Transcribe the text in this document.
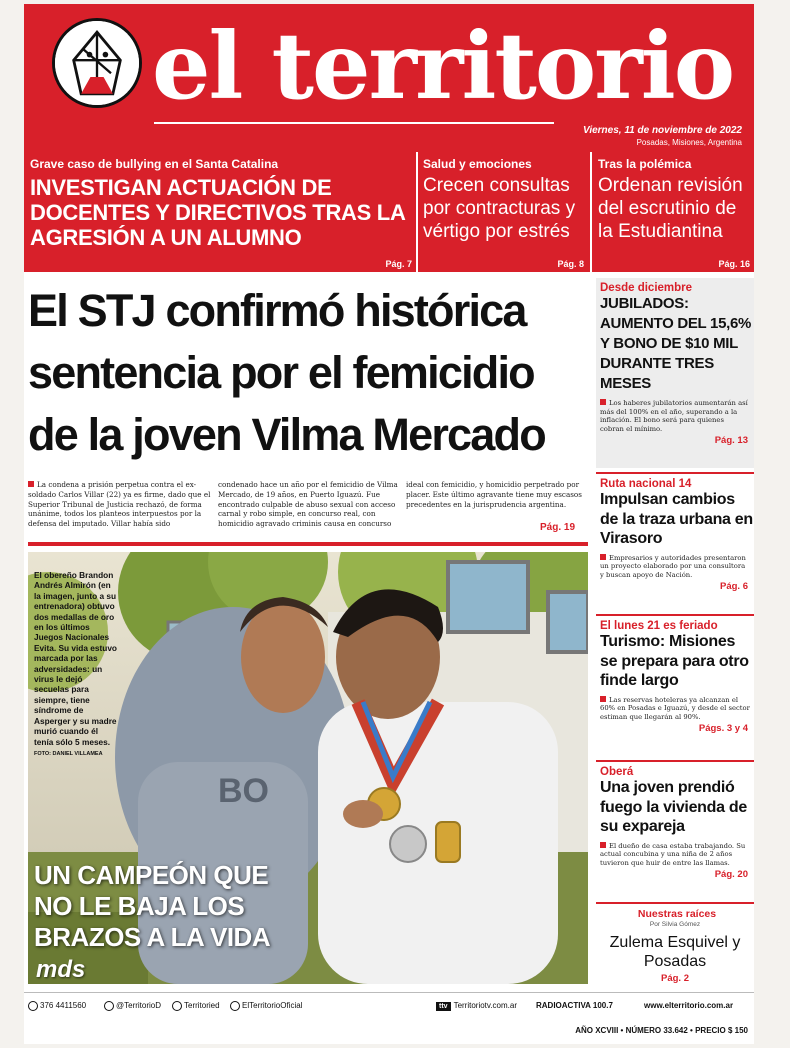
el territorio
Viernes, 11 de noviembre de 2022
Posadas, Misiones, Argentina
Grave caso de bullying en el Santa Catalina
INVESTIGAN ACTUACIÓN DE DOCENTES Y DIRECTIVOS TRAS LA AGRESIÓN A UN ALUMNO
Pág. 7
Salud y emociones
Crecen consultas por contracturas y vértigo por estrés
Pág. 8
Tras la polémica
Ordenan revisión del escrutinio de la Estudiantina
Pág. 16
El STJ confirmó histórica sentencia por el femicidio de la joven Vilma Mercado
La condena a prisión perpetua contra el ex-soldado Carlos Villar (22) ya es firme, dado que el Superior Tribunal de Justicia rechazó, de forma unánime, todos los planteos interpuestos por la defensa del imputado. Villar había sido
condenado hace un año por el femicidio de Vilma Mercado, de 19 años, en Puerto Iguazú. Fue encontrado culpable de abuso sexual con acceso carnal y robo simple, en concurso real, con homicidio agravado criminis causa en concurso
ideal con femicidio, y homicidio perpetrado por placer. Este último agravante tiene muy escasos precedentes en la jurisprudencia argentina.
Pág. 19
BO
El obereño Brandon Andrés Almirón (en la imagen, junto a su entrenadora) obtuvo dos medallas de oro en los últimos Juegos Nacionales Evita. Su vida estuvo marcada por las adversidades: un virus le dejó secuelas para siempre, tiene síndrome de Asperger y su madre murió cuando él tenía sólo 5 meses.
FOTO: DANIEL VILLAMEA
UN CAMPEÓN QUE
NO LE BAJA LOS
BRAZOS A LA VIDA
mds
Desde diciembre
JUBILADOS: AUMENTO DEL 15,6% Y BONO DE $10 MIL DURANTE TRES MESES
Los haberes jubilatorios aumentarán así más del 100% en el año, superando a la inflación. El bono será para quienes cobran el mínimo.
Pág. 13
Ruta nacional 14
Impulsan cambios de la traza urbana en Virasoro
Empresarios y autoridades presentaron un proyecto elaborado por una consultora y buscan apoyo de Nación.
Pág. 6
El lunes 21 es feriado
Turismo: Misiones se prepara para otro finde largo
Las reservas hoteleras ya alcanzan el 60% en Posadas e Iguazú, y desde el sector estiman que llegarán al 90%.
Págs. 3 y 4
Oberá
Una joven prendió fuego la vivienda de su expareja
El dueño de casa estaba trabajando. Su actual concubina y una niña de 2 años tuvieron que huir de entre las llamas.
Pág. 20
Nuestras raíces
Por Silvia Gómez
Zulema Esquivel y Posadas
Pág. 2
376 4411560	@TerritorioD	Territoried	ElTerritorioOficial	ttv Territoriotv.com.ar RADIOACTIVA 100.7	www.elterritorio.com.ar
AÑO XCVIII • NÚMERO 33.642 • PRECIO $ 150
